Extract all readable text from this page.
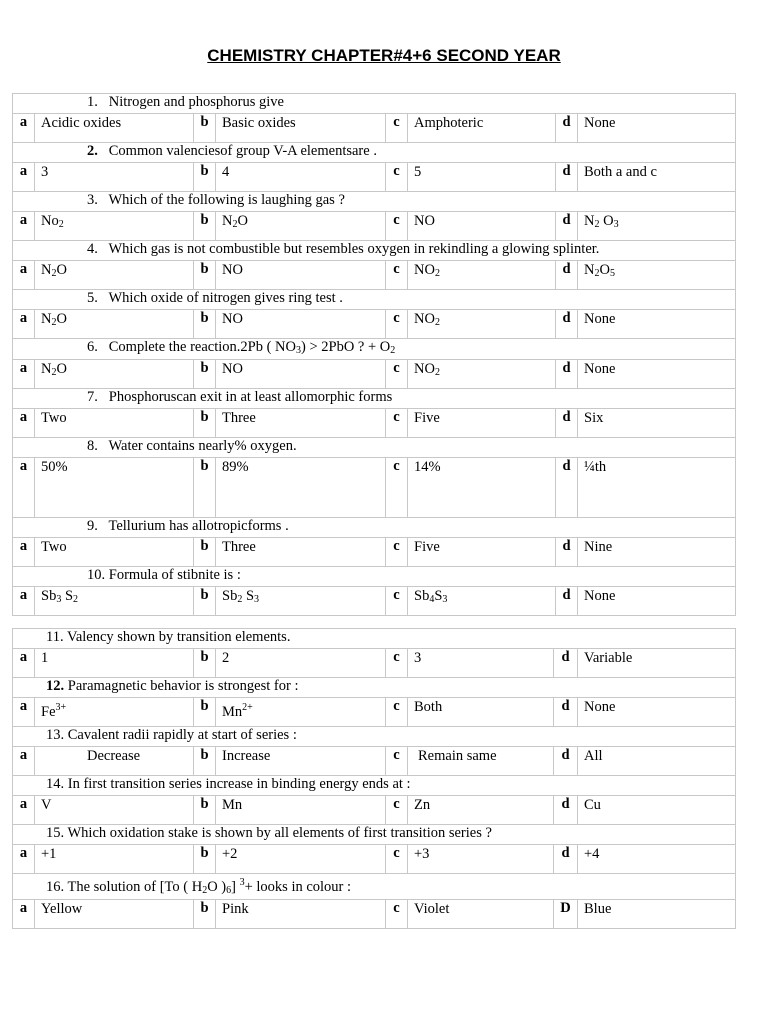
CHEMISTRY CHAPTER#4+6 SECOND YEAR
1. Nitrogen and phosphorus give							
a	Acidic oxides	b	Basic oxides	c	Amphoteric	d	None
2. Common valenciesof group V-A elementsare .							
a	3	b	4	c	5	d	Both a and c
3. Which of the following is laughing gas ?							
a	$No_2$	b	$N_2O$	c	NO	d	$N_2$ $O_3$
4. Which gas is not combustible but resembles oxygen in rekindling a glowing splinter.							
a	$N_2O$	b	NO	c	$NO_2$	d	$N_2O_5$
5. Which oxide of nitrogen gives ring test .							
a	$N_2O$	b	NO	c	$NO_2$	d	None
6. Complete the reaction.2Pb ( $NO_3) > 2PbO$ ? + $O_2$
a	$N_2O$	b	NO	c	$NO_2$	d	None
7. Phosphoruscan exit in at least allomorphic forms							
a	Two	b	Three	c	Five	d	Six
8. Water contains nearly% oxygen.							
a	50%	b	89%	c	14%	d	¼th
9. Tellurium has allotropicforms .							
a	Two	b	Three	c	Five	d	Nine
10. Formula of stibnite is :							
a	$Sb_3$ $S_2$	b	$Sb_2$ $S_3$	c	$Sb_4S_3$	d	None
11. Valency shown by transition elements.							
a	1	b	2	c	3	d	Variable
12. Paramagnetic behavior is strongest for :							
a	$Fe^{3+}$	b	$Mn^{2+}$	c	Both	d	None
13. Cavalent radii rapidly at start of series :							
a	Decrease	b	Increase	c	Remain same	d	All
14. In first transition series increase in binding energy ends at :							
a	V	b	Mn	c	Zn	d	Cu
15. Which oxidation stake is shown by all elements of first transition series ?							
a	+1	b	+2	c	+3	d	+4
16. The solution of [To ( $H_2O$ )$_6$] $^3$+ looks in colour :							
a	Yellow	b	Pink	c	Violet	D	Blue
